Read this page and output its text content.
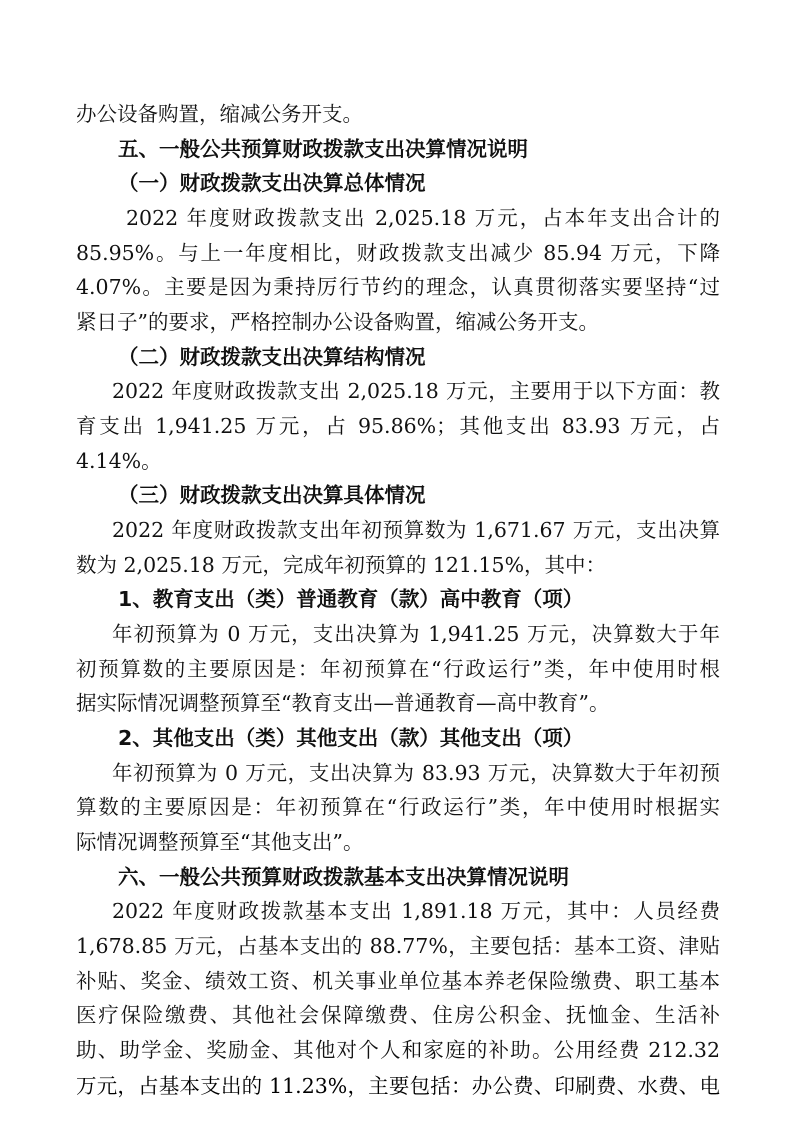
办公设备购置，缩减公务开支。
五、一般公共预算财政拨款支出决算情况说明
（一）财政拨款支出决算总体情况
2022 年度财政拨款支出 2,025.18 万元，占本年支出合计的
85.95%。与上一年度相比，财政拨款支出减少 85.94 万元，下降
4.07%。主要是因为秉持厉行节约的理念，认真贯彻落实要坚持“过
紧日子”的要求，严格控制办公设备购置，缩减公务开支。
（二）财政拨款支出决算结构情况
2022 年度财政拨款支出 2,025.18 万元，主要用于以下方面：教
育支出 1,941.25 万元，占 95.86%；其他支出 83.93 万元，占
4.14%。
（三）财政拨款支出决算具体情况
2022 年度财政拨款支出年初预算数为 1,671.67 万元，支出决算
数为 2,025.18 万元，完成年初预算的 121.15%，其中：
1、教育支出（类）普通教育（款）高中教育（项）
年初预算为 0 万元，支出决算为 1,941.25 万元，决算数大于年
初预算数的主要原因是：年初预算在“行政运行”类，年中使用时根
据实际情况调整预算至“教育支出—普通教育—高中教育”。
2、其他支出（类）其他支出（款）其他支出（项）
年初预算为 0 万元，支出决算为 83.93 万元，决算数大于年初预
算数的主要原因是：年初预算在“行政运行”类，年中使用时根据实
际情况调整预算至“其他支出”。
六、一般公共预算财政拨款基本支出决算情况说明
2022 年度财政拨款基本支出 1,891.18 万元，其中：人员经费
1,678.85 万元，占基本支出的 88.77%，主要包括：基本工资、津贴
补贴、奖金、绩效工资、机关事业单位基本养老保险缴费、职工基本
医疗保险缴费、其他社会保障缴费、住房公积金、抚恤金、生活补
助、助学金、奖励金、其他对个人和家庭的补助。公用经费 212.32
万元，占基本支出的 11.23%，主要包括：办公费、印刷费、水费、电
